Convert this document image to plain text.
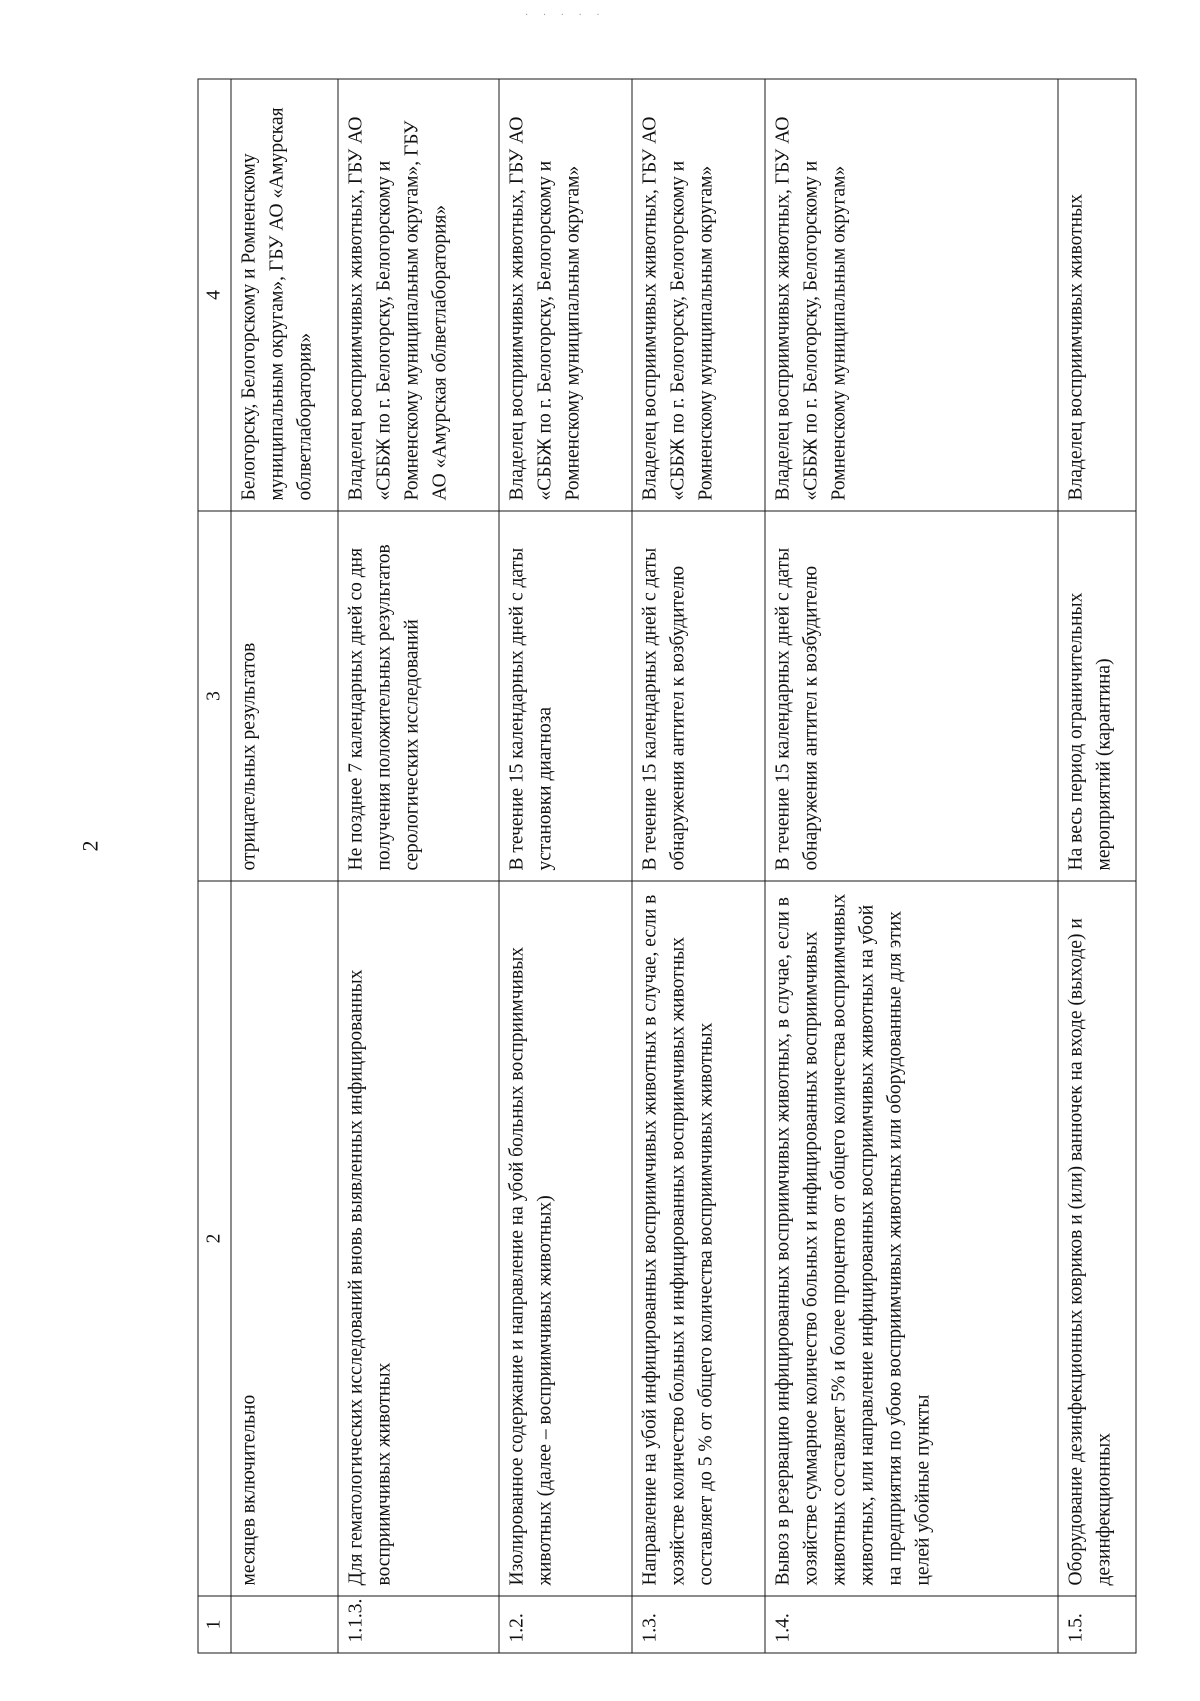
· · · · ·
2
1	2	3	4
	месяцев включительно	отрицательных результатов	Белогорску, Белогорскому и Ромненскому муниципальным округам», ГБУ АО «Амурская облветлаборатория»
1.1.3.	Для гематологических исследований вновь выявленных инфицированных восприимчивых животных	Не позднее 7 календарных дней со дня получения положительных результатов серологических исследований	Владелец восприимчивых животных, ГБУ АО «СББЖ по г. Белогорску, Белогорскому и Ромненскому муниципальным округам», ГБУ АО «Амурская облветлаборатория»
1.2.	Изолированное содержание и направление на убой больных восприимчивых животных (далее – восприимчивых животных)	В течение 15 календарных дней с даты установки диагноза	Владелец восприимчивых животных, ГБУ АО «СББЖ по г. Белогорску, Белогорскому и Ромненскому муниципальным округам»
1.3.	Направление на убой инфицированных восприимчивых животных в случае, если в хозяйстве количество больных и инфицированных восприимчивых животных составляет до 5 % от общего количества восприимчивых животных	В течение 15 календарных дней с даты обнаружения антител к возбудителю	Владелец восприимчивых животных, ГБУ АО «СББЖ по г. Белогорску, Белогорскому и Ромненскому муниципальным округам»
1.4.	Вывоз в резервацию инфицированных восприимчивых животных, в случае, если в хозяйстве суммарное количество больных и инфицированных восприимчивых животных составляет 5% и более процентов от общего количества восприимчивых животных, или направление инфицированных восприимчивых животных на убой на предприятия по убою восприимчивых животных или оборудованные для этих целей убойные пункты	В течение 15 календарных дней с даты обнаружения антител к возбудителю	Владелец восприимчивых животных, ГБУ АО «СББЖ по г. Белогорску, Белогорскому и Ромненскому муниципальным округам»
1.5.	Оборудование дезинфекционных ковриков и (или) ванночек на входе (выходе) и дезинфекционных	На весь период ограничительных мероприятий (карантина)	Владелец восприимчивых животных
